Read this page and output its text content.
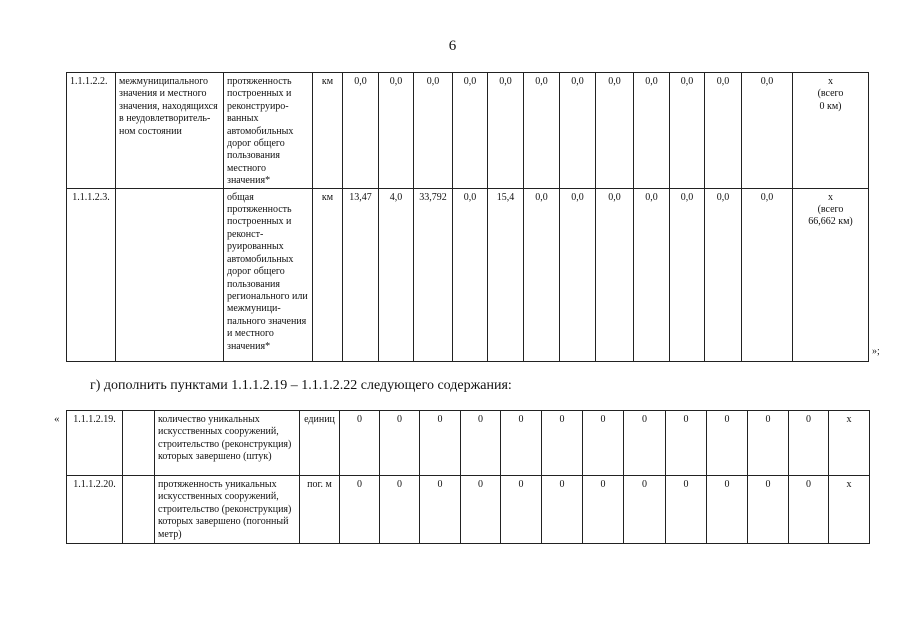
6
1.1.1.2.2.	межмуниципального значения и местного значения, находящихся в неудовлетворитель-ном состоянии	протяженность построенных и реконструиро-ванных автомобильных дорог общего пользования местного значения*	км	0,0	0,0	0,0	0,0	0,0	0,0	0,0	0,0	0,0	0,0	0,0	0,0	х
(всего
0 км)

1.1.1.2.3.		общая протяженность построенных и реконст-руированных автомобильных дорог общего пользования регионального или межмуници-пального значения и местного значения*	км	13,47	4,0	33,792	0,0	15,4	0,0	0,0	0,0	0,0	0,0	0,0	0,0	х
(всего
66,662 км)
»;
г) дополнить пунктами 1.1.1.2.19 – 1.1.1.2.22 следующего содержания:
« 1.1.1.2.19.		количество уникальных искусственных сооружений, строительство (реконструкция) которых завершено (штук)	единиц	0	0	0	0	0	0	0	0	0	0	0	0	х
1.1.1.2.20.		протяженность уникальных искусственных сооружений, строительство (реконструкция) которых завершено (погонный метр)	пог. м	0	0	0	0	0	0	0	0	0	0	0	0	х
